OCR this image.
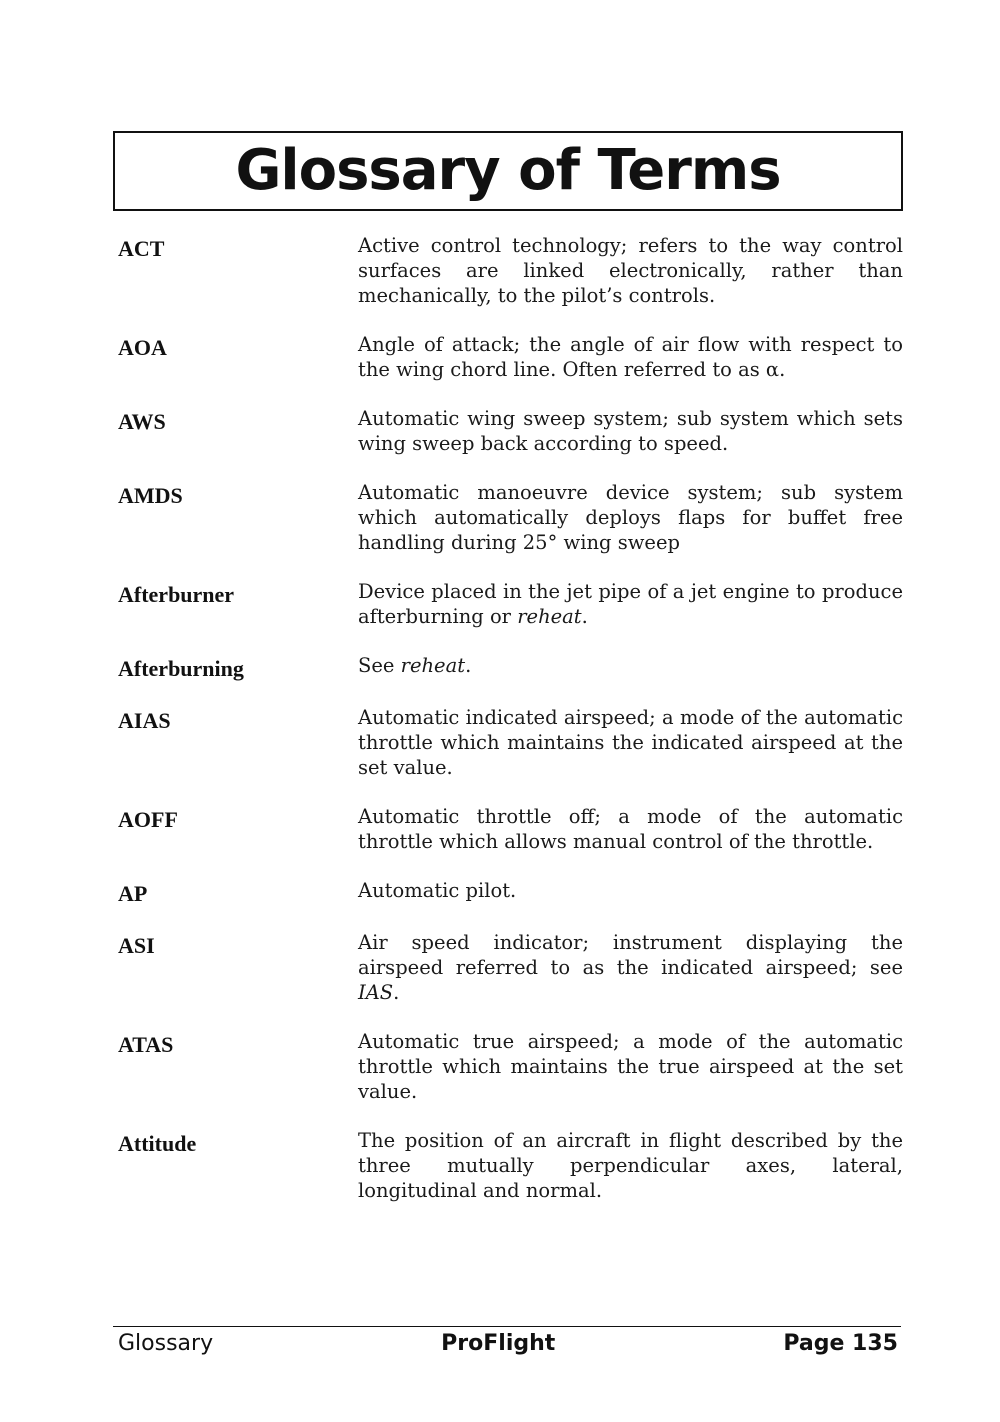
Glossary of Terms
ACT	Active control technology; refers to the way control surfaces are linked electronically, rather than mechanically, to the pilot’s controls.
AOA	Angle of attack; the angle of air flow with respect to the wing chord line. Often referred to as α.
AWS	Automatic wing sweep system; sub system which sets wing sweep back according to speed.
AMDS	Automatic manoeuvre device system; sub system which automatically deploys flaps for buffet free handling during 25° wing sweep
Afterburner	Device placed in the jet pipe of a jet engine to produce afterburning or reheat.
Afterburning	See reheat.
AIAS	Automatic indicated airspeed; a mode of the automatic throttle which maintains the indicated airspeed at the set value.
AOFF	Automatic throttle off; a mode of the automatic throttle which allows manual control of the throttle.
AP	Automatic pilot.
ASI	Air speed indicator; instrument displaying the airspeed referred to as the indicated airspeed; see IAS.
ATAS	Automatic true airspeed; a mode of the automatic throttle which maintains the true airspeed at the set value.
Attitude	The position of an aircraft in flight described by the three mutually perpendicular axes, lateral, longitudinal and normal.
Glossary	ProFlight	Page 135
